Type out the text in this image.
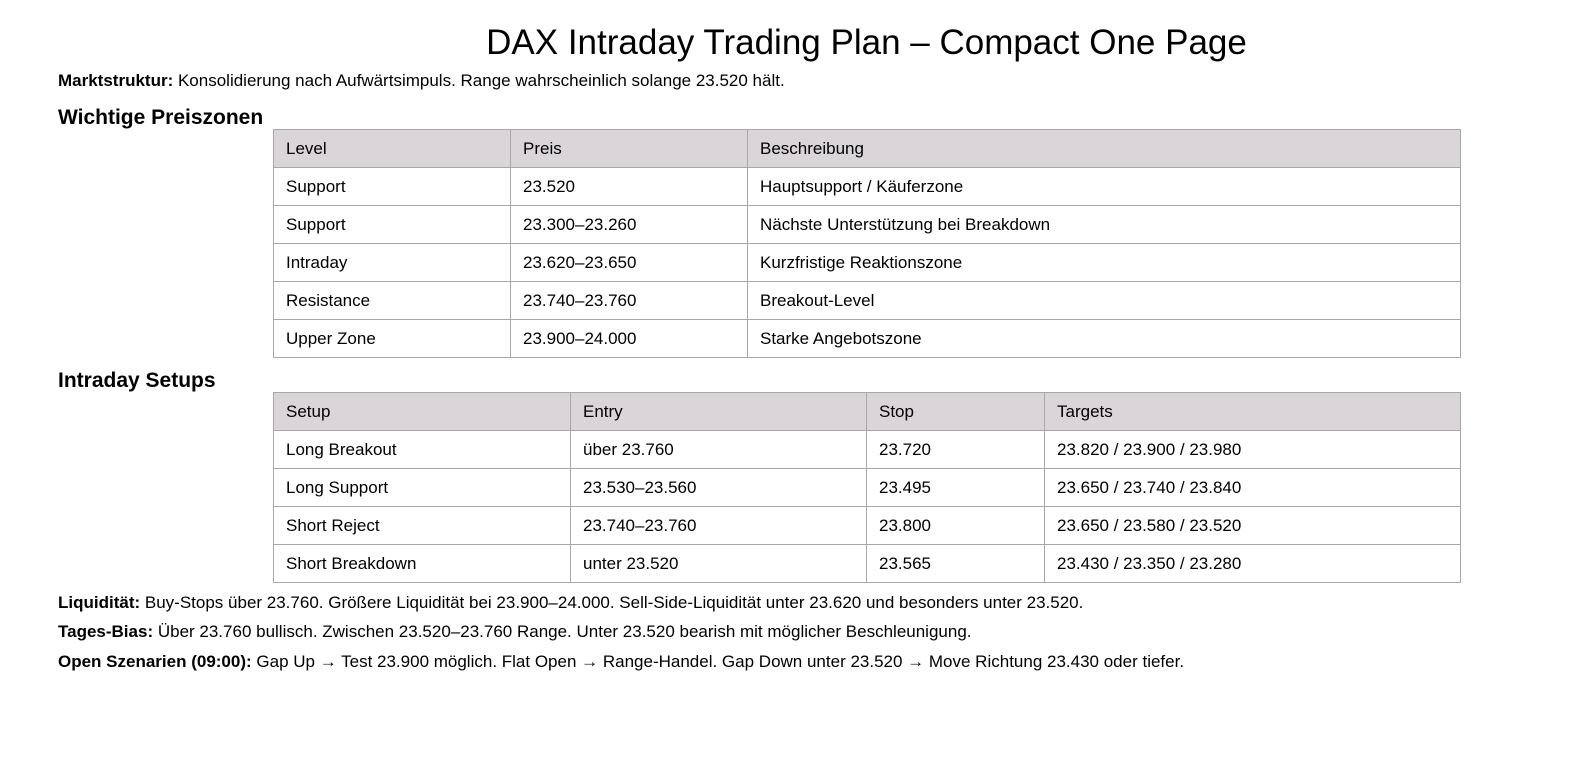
DAX Intraday Trading Plan – Compact One Page
Marktstruktur: Konsolidierung nach Aufwärtsimpuls. Range wahrscheinlich solange 23.520 hält.
Wichtige Preiszonen
Level	Preis	Beschreibung
Support	23.520	Hauptsupport / Käuferzone
Support	23.300–23.260	Nächste Unterstützung bei Breakdown
Intraday	23.620–23.650	Kurzfristige Reaktionszone
Resistance	23.740–23.760	Breakout-Level
Upper Zone	23.900–24.000	Starke Angebotszone
Intraday Setups
Setup	Entry	Stop	Targets
Long Breakout	über 23.760	23.720	23.820 / 23.900 / 23.980
Long Support	23.530–23.560	23.495	23.650 / 23.740 / 23.840
Short Reject	23.740–23.760	23.800	23.650 / 23.580 / 23.520
Short Breakdown	unter 23.520	23.565	23.430 / 23.350 / 23.280
Liquidität: Buy-Stops über 23.760. Größere Liquidität bei 23.900–24.000. Sell-Side-Liquidität unter 23.620 und besonders unter 23.520.
Tages-Bias: Über 23.760 bullisch. Zwischen 23.520–23.760 Range. Unter 23.520 bearish mit möglicher Beschleunigung.
Open Szenarien (09:00): Gap Up → Test 23.900 möglich. Flat Open → Range-Handel. Gap Down unter 23.520 → Move Richtung 23.430 oder tiefer.
